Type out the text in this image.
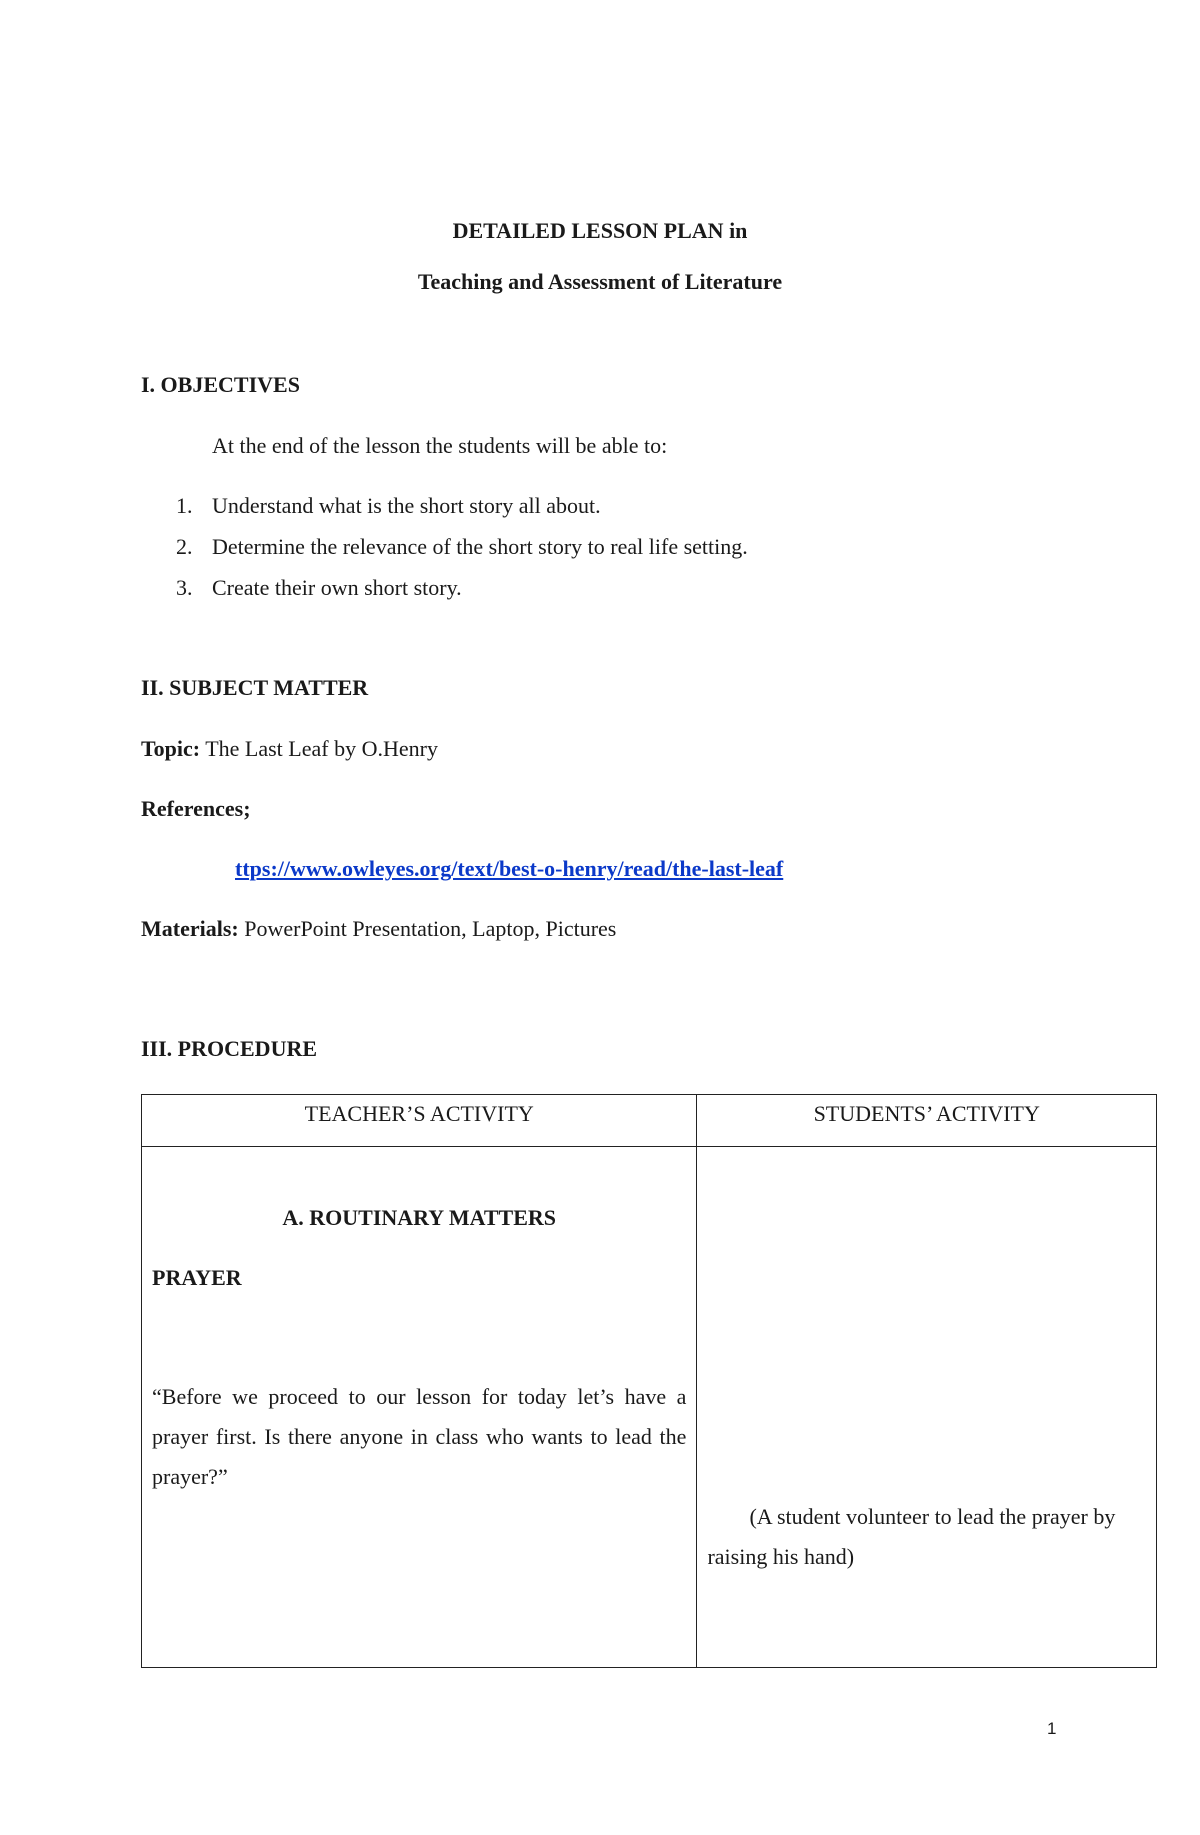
DETAILED LESSON PLAN in
Teaching and Assessment of Literature
I. OBJECTIVES
At the end of the lesson the students will be able to:
1. Understand what is the short story all about.
2. Determine the relevance of the short story to real life setting.
3. Create their own short story.
II. SUBJECT MATTER
Topic: The Last Leaf by O.Henry
References;
ttps://www.owleyes.org/text/best-o-henry/read/the-last-leaf
Materials: PowerPoint Presentation, Laptop, Pictures
III. PROCEDURE
TEACHER’S ACTIVITY	STUDENTS’ ACTIVITY

A. ROUTINARY MATTERS
PRAYER
“Before we proceed to our lesson for today let’s have a prayer first. Is there anyone in class who wants to lead the prayer?”	(A student volunteer to lead the prayer by raising his hand)
1
